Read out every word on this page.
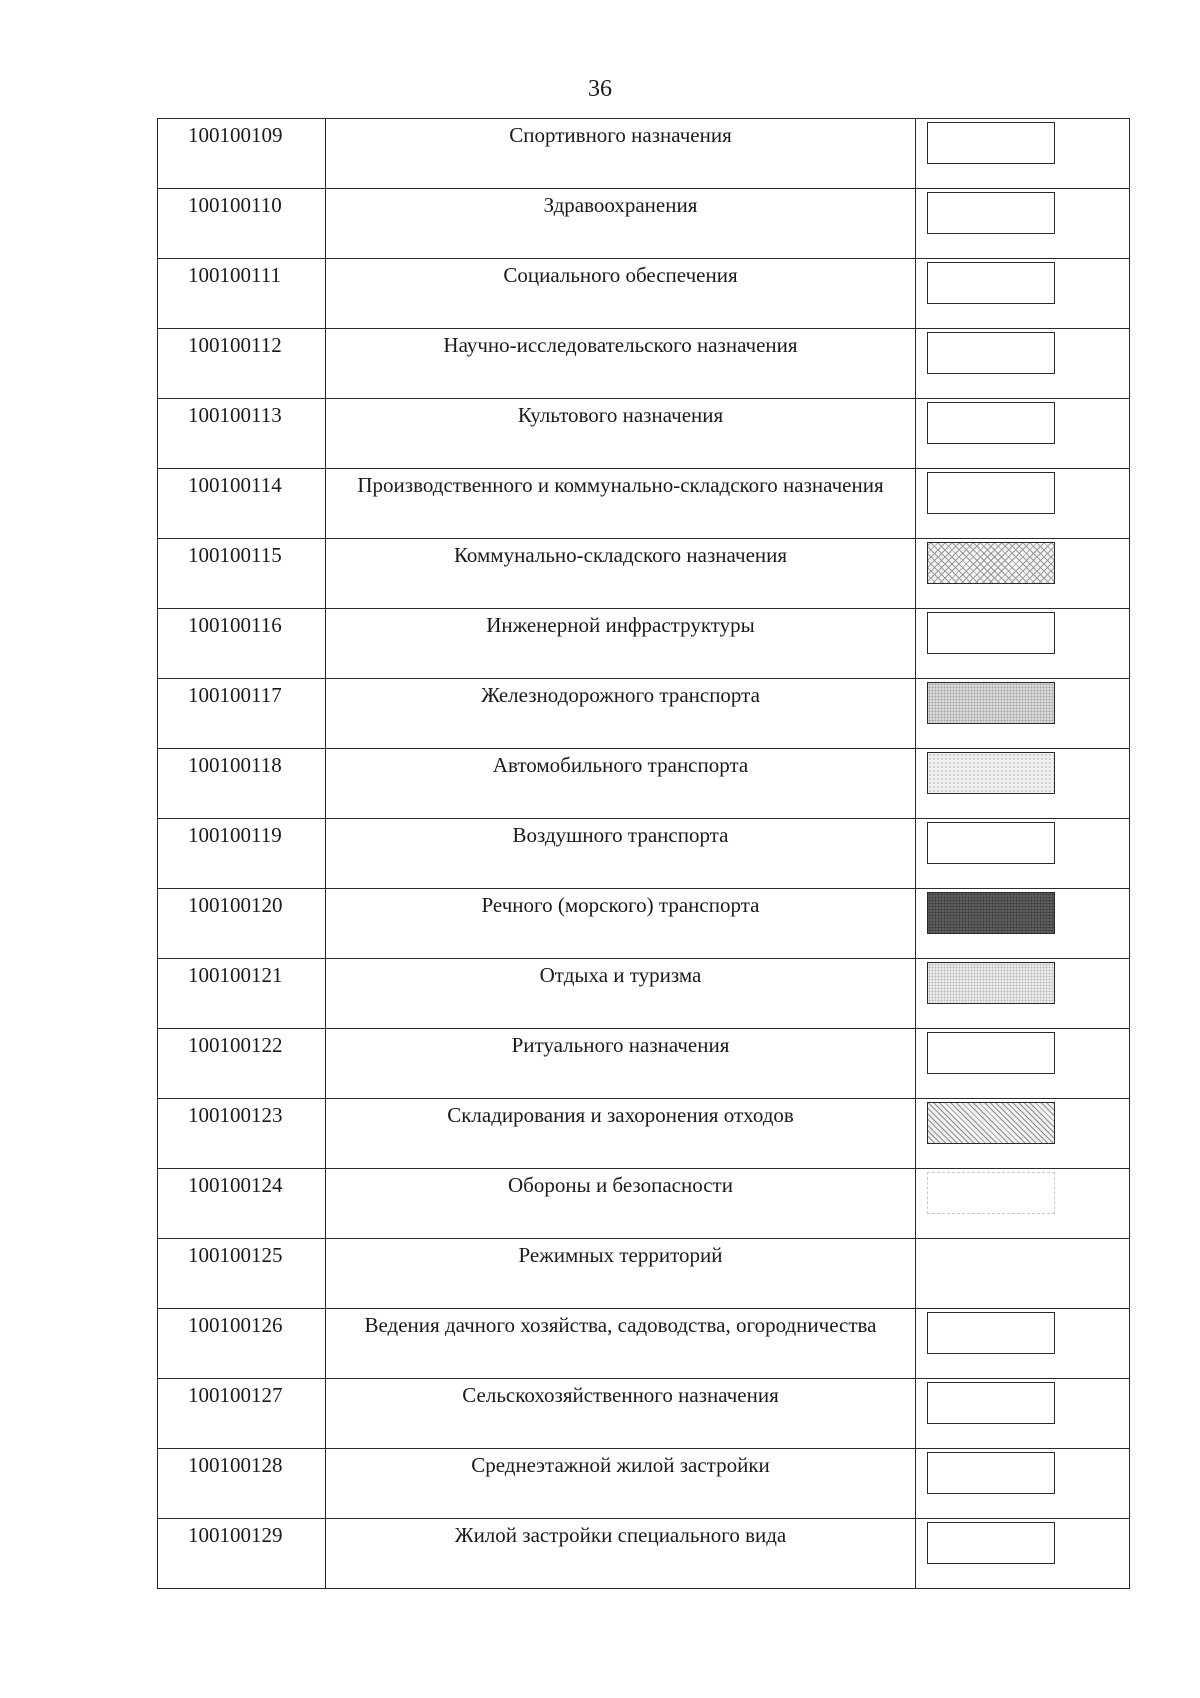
36
100100109	Спортивного назначения	

100100110	Здравоохранения	

100100111	Социального обеспечения	

100100112	Научно-исследовательского назначения	

100100113	Культового назначения	

100100114	Производственного и коммунально-складского назначения	

100100115	Коммунально-складского назначения	

100100116	Инженерной инфраструктуры	

100100117	Железнодорожного транспорта	

100100118	Автомобильного транспорта	

100100119	Воздушного транспорта	

100100120	Речного (морского) транспорта	

100100121	Отдыха и туризма	

100100122	Ритуального назначения	

100100123	Складирования и захоронения отходов	

100100124	Обороны и безопасности	

100100125	Режимных территорий	

100100126	Ведения дачного хозяйства, садоводства, огородничества	

100100127	Сельскохозяйственного назначения	

100100128	Среднеэтажной жилой застройки	

100100129	Жилой застройки специального вида	
